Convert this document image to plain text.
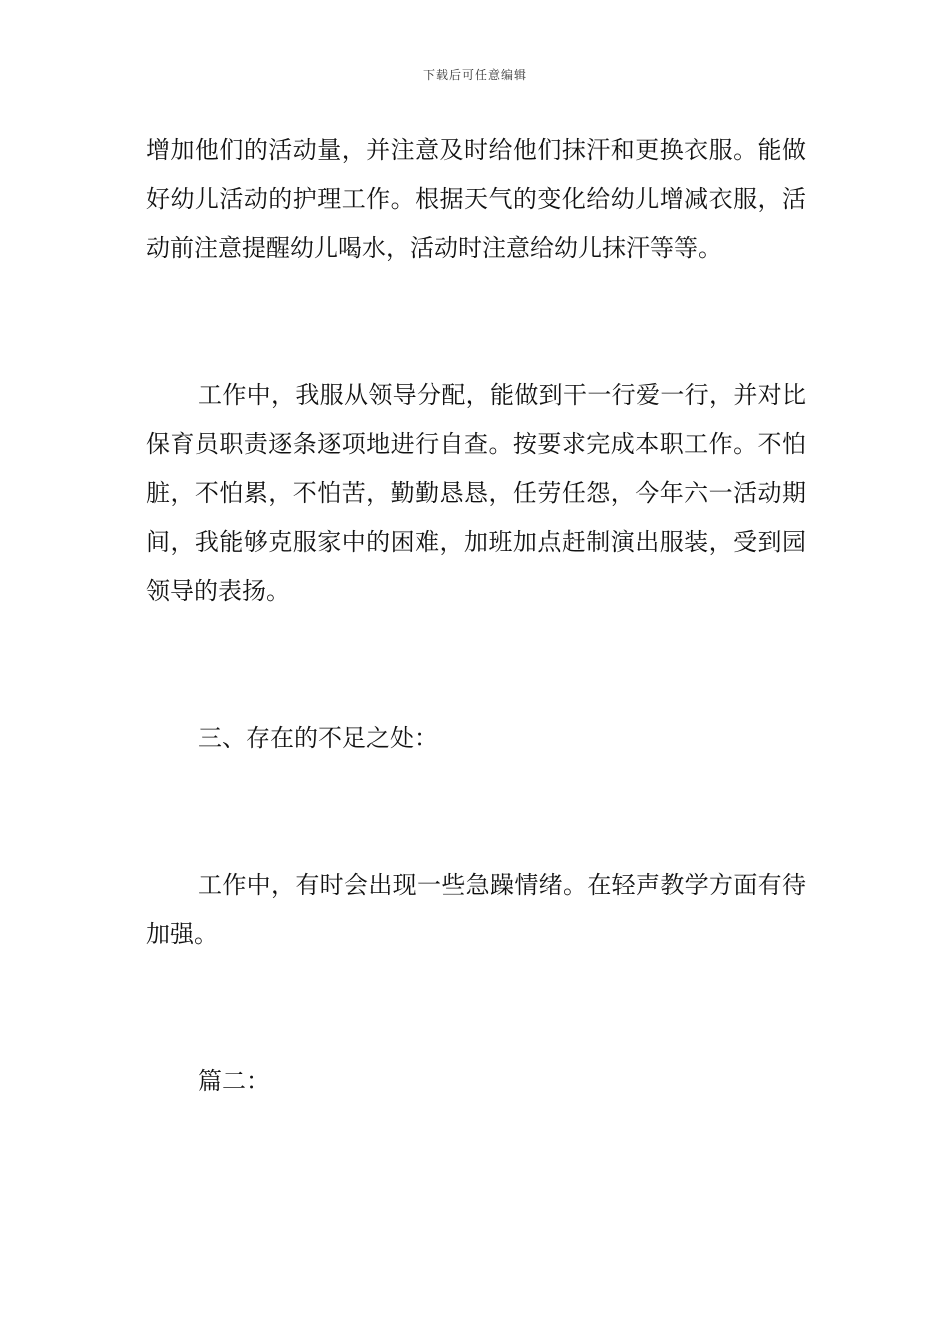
下载后可任意编辑

增加他们的活动量，并注意及时给他们抹汗和更换衣服。能做好幼儿活动的护理工作。根据天气的变化给幼儿增减衣服，活动前注意提醒幼儿喝水，活动时注意给幼儿抹汗等等。

工作中，我服从领导分配，能做到干一行爱一行，并对比保育员职责逐条逐项地进行自查。按要求完成本职工作。不怕脏，不怕累，不怕苦，勤勤恳恳，任劳任怨，今年六一活动期间，我能够克服家中的困难，加班加点赶制演出服装，受到园领导的表扬。

三、存在的不足之处：

工作中，有时会出现一些急躁情绪。在轻声教学方面有待加强。

篇二：
